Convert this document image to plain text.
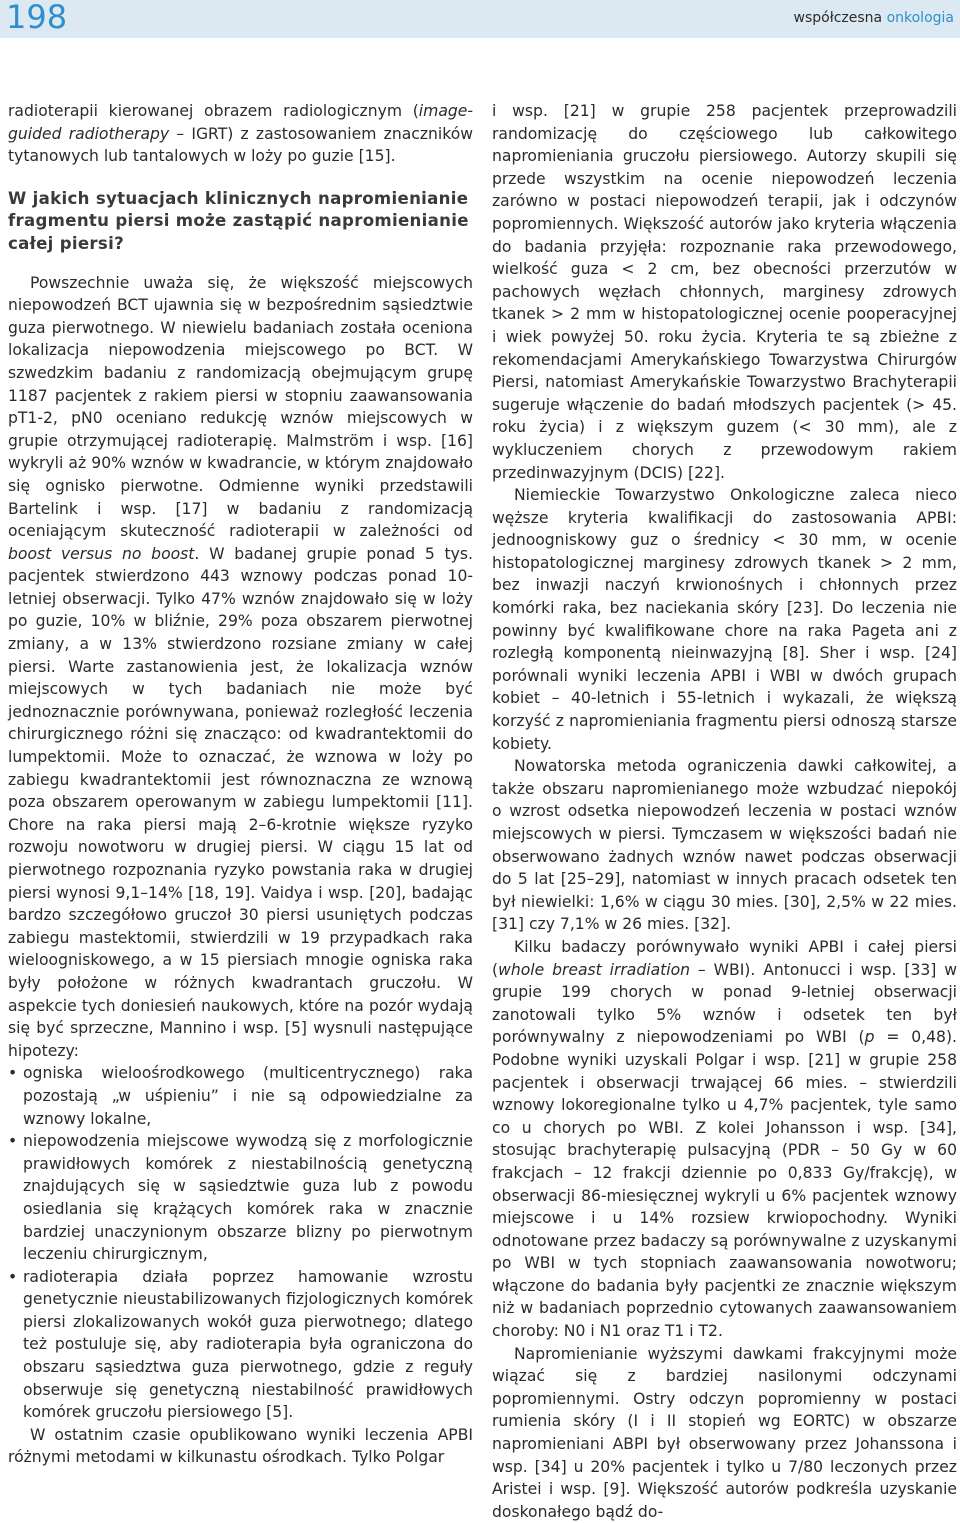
198	współczesna onkologia

radioterapii kierowanej obrazem radiologicznym (image-guided radiotherapy – IGRT) z zastosowaniem znaczników tytanowych lub tantalowych w loży po guzie [15].

W jakich sytuacjach klinicznych napromienianie fragmentu piersi może zastąpić napromienianie całej piersi?

Powszechnie uważa się, że większość miejscowych niepowodzeń BCT ujawnia się w bezpośrednim sąsiedztwie guza pierwotnego. W niewielu badaniach została oceniona lokalizacja niepowodzenia miejscowego po BCT. W szwedzkim badaniu z randomizacją obejmującym grupę 1187 pacjentek z rakiem piersi w stopniu zaawansowania pT1-2, pN0 oceniano redukcję wznów miejscowych w grupie otrzymującej radioterapię. Malmström i wsp. [16] wykryli aż 90% wznów w kwadrancie, w którym znajdowało się ognisko pierwotne. Odmienne wyniki przedstawili Bartelink i wsp. [17] w badaniu z randomizacją oceniającym skuteczność radioterapii w zależności od boost versus no boost. W badanej grupie ponad 5 tys. pacjentek stwierdzono 443 wznowy podczas ponad 10-letniej obserwacji. Tylko 47% wznów znajdowało się w loży po guzie, 10% w bliźnie, 29% poza obszarem pierwotnej zmiany, a w 13% stwierdzono rozsiane zmiany w całej piersi. Warte zastanowienia jest, że lokalizacja wznów miejscowych w tych badaniach nie może być jednoznacznie porównywana, ponieważ rozległość leczenia chirurgicznego różni się znacząco: od kwadrantektomii do lumpektomii. Może to oznaczać, że wznowa w loży po zabiegu kwadrantektomii jest równoznaczna ze wznową poza obszarem operowanym w zabiegu lumpektomii [11]. Chore na raka piersi mają 2–6-krotnie większe ryzyko rozwoju nowotworu w drugiej piersi. W ciągu 15 lat od pierwotnego rozpoznania ryzyko powstania raka w drugiej piersi wynosi 9,1–14% [18, 19]. Vaidya i wsp. [20], badając bardzo szczegółowo gruczoł 30 piersi usuniętych podczas zabiegu mastektomii, stwierdzili w 19 przypadkach raka wieloogniskowego, a w 15 piersiach mnogie ogniska raka były położone w różnych kwadrantach gruczołu. W aspekcie tych doniesień naukowych, które na pozór wydają się być sprzeczne, Mannino i wsp. [5] wysnuli następujące hipotezy:

• ogniska wieloośrodkowego (multicentrycznego) raka pozostają „w uśpieniu” i nie są odpowiedzialne za wznowy lokalne,
• niepowodzenia miejscowe wywodzą się z morfologicznie prawidłowych komórek z niestabilnością genetyczną znajdujących się w sąsiedztwie guza lub z powodu osiedlania się krążących komórek raka w znacznie bardziej unaczynionym obszarze blizny po pierwotnym leczeniu chirurgicznym,
• radioterapia działa poprzez hamowanie wzrostu genetycznie nieustabilizowanych fizjologicznych komórek piersi zlokalizowanych wokół guza pierwotnego; dlatego też postuluje się, aby radioterapia była ograniczona do obszaru sąsiedztwa guza pierwotnego, gdzie z reguły obserwuje się genetyczną niestabilność prawidłowych komórek gruczołu piersiowego [5].

W ostatnim czasie opublikowano wyniki leczenia APBI różnymi metodami w kilkunastu ośrodkach. Tylko Polgar

i wsp. [21] w grupie 258 pacjentek przeprowadzili randomizację do częściowego lub całkowitego napromieniania gruczołu piersiowego. Autorzy skupili się przede wszystkim na ocenie niepowodzeń leczenia zarówno w postaci niepowodzeń terapii, jak i odczynów popromiennych. Większość autorów jako kryteria włączenia do badania przyjęła: rozpoznanie raka przewodowego, wielkość guza < 2 cm, bez obecności przerzutów w pachowych węzłach chłonnych, marginesy zdrowych tkanek > 2 mm w histopatologicznej ocenie pooperacyjnej i wiek powyżej 50. roku życia. Kryteria te są zbieżne z rekomendacjami Amerykańskiego Towarzystwa Chirurgów Piersi, natomiast Amerykańskie Towarzystwo Brachyterapii sugeruje włączenie do badań młodszych pacjentek (> 45. roku życia) i z większym guzem (< 30 mm), ale z wykluczeniem chorych z przewodowym rakiem przedinwazyjnym (DCIS) [22].

Niemieckie Towarzystwo Onkologiczne zaleca nieco węższe kryteria kwalifikacji do zastosowania APBI: jednoogniskowy guz o średnicy < 30 mm, w ocenie histopatologicznej marginesy zdrowych tkanek > 2 mm, bez inwazji naczyń krwionośnych i chłonnych przez komórki raka, bez naciekania skóry [23]. Do leczenia nie powinny być kwalifikowane chore na raka Pageta ani z rozległą komponentą nieinwazyjną [8]. Sher i wsp. [24] porównali wyniki leczenia APBI i WBI w dwóch grupach kobiet – 40-letnich i 55-letnich i wykazali, że większą korzyść z napromieniania fragmentu piersi odnoszą starsze kobiety.

Nowatorska metoda ograniczenia dawki całkowitej, a także obszaru napromienianego może wzbudzać niepokój o wzrost odsetka niepowodzeń leczenia w postaci wznów miejscowych w piersi. Tymczasem w większości badań nie obserwowano żadnych wznów nawet podczas obserwacji do 5 lat [25–29], natomiast w innych pracach odsetek ten był niewielki: 1,6% w ciągu 30 mies. [30], 2,5% w 22 mies. [31] czy 7,1% w 26 mies. [32].

Kilku badaczy porównywało wyniki APBI i całej piersi (whole breast irradiation – WBI). Antonucci i wsp. [33] w grupie 199 chorych w ponad 9-letniej obserwacji zanotowali tylko 5% wznów i odsetek ten był porównywalny z niepowodzeniami po WBI (p = 0,48). Podobne wyniki uzyskali Polgar i wsp. [21] w grupie 258 pacjentek i obserwacji trwającej 66 mies. – stwierdzili wznowy lokoregionalne tylko u 4,7% pacjentek, tyle samo co u chorych po WBI. Z kolei Johansson i wsp. [34], stosując brachyterapię pulsacyjną (PDR – 50 Gy w 60 frakcjach – 12 frakcji dziennie po 0,833 Gy/frakcję), w obserwacji 86-miesięcznej wykryli u 6% pacjentek wznowy miejscowe i u 14% rozsiew krwiopochodny. Wyniki odnotowane przez badaczy są porównywalne z uzyskanymi po WBI w tych stopniach zaawansowania nowotworu; włączone do badania były pacjentki ze znacznie większym niż w badaniach poprzednio cytowanych zaawansowaniem choroby: N0 i N1 oraz T1 i T2.

Napromienianie wyższymi dawkami frakcyjnymi może wiązać się z bardziej nasilonymi odczynami popromiennymi. Ostry odczyn popromienny w postaci rumienia skóry (I i II stopień wg EORTC) w obszarze napromieniani ABPI był obserwowany przez Johanssona i wsp. [34] u 20% pacjentek i tylko u 7/80 leczonych przez Aristei i wsp. [9]. Większość autorów podkreśla uzyskanie doskonałego bądź do-
